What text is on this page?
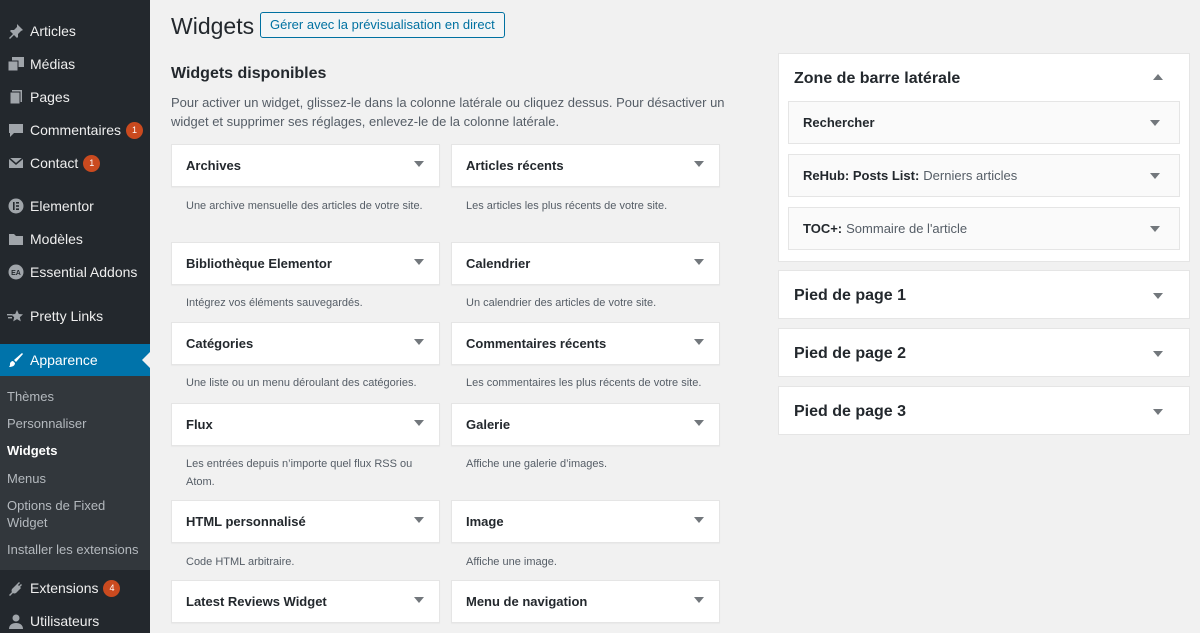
Articles
Médias
Pages
Commentaires	1
Contact	1
Elementor
Modèles
EA Essential Addons
Pretty Links
Apparence
Thèmes
Personnaliser
Widgets
Menus
Options de Fixed Widget
Installer les extensions
Extensions	4
Utilisateurs
Widgets	Gérer avec la prévisualisation en direct
Widgets disponibles
Pour activer un widget, glissez-le dans la colonne latérale ou cliquez dessus. Pour désactiver un widget et supprimer ses réglages, enlevez-le de la colonne latérale.
Archives
Une archive mensuelle des articles de votre site.
Articles récents
Les articles les plus récents de votre site.
Bibliothèque Elementor
Intégrez vos éléments sauvegardés.
Calendrier
Un calendrier des articles de votre site.
Catégories
Une liste ou un menu déroulant des catégories.
Commentaires récents
Les commentaires les plus récents de votre site.
Flux
Les entrées depuis n’importe quel flux RSS ou Atom.
Galerie
Affiche une galerie d’images.
HTML personnalisé
Code HTML arbitraire.
Image
Affiche une image.
Latest Reviews Widget	Menu de navigation
Zone de barre latérale
Rechercher
ReHub: Posts List: Derniers articles
TOC+: Sommaire de l'article
Pied de page 1
Pied de page 2
Pied de page 3
